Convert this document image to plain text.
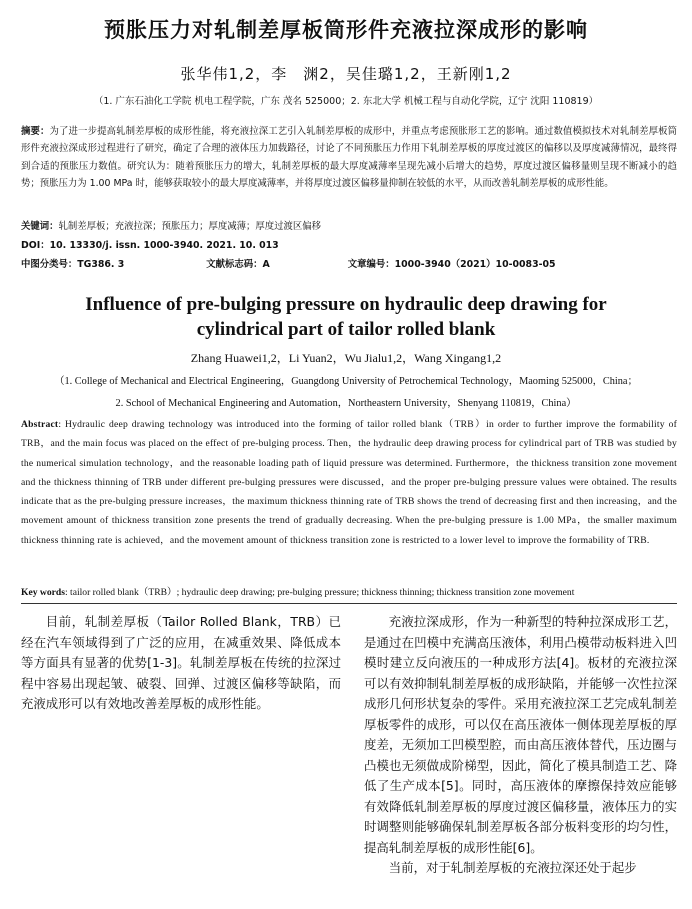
预胀压力对轧制差厚板筒形件充液拉深成形的影响
张华伟1,2，李　渊2，吴佳璐1,2，王新刚1,2
（1. 广东石油化工学院 机电工程学院，广东 茂名 525000；2. 东北大学 机械工程与自动化学院，辽宁 沈阳 110819）
摘要：为了进一步提高轧制差厚板的成形性能，将充液拉深工艺引入轧制差厚板的成形中，并重点考虑预胀形工艺的影响。通过数值模拟技术对轧制差厚板筒形件充液拉深成形过程进行了研究，确定了合理的液体压力加载路径，讨论了不同预胀压力作用下轧制差厚板的厚度过渡区的偏移以及厚度减薄情况，最终得到合适的预胀压力数值。研究认为：随着预胀压力的增大，轧制差厚板的最大厚度减薄率呈现先减小后增大的趋势，厚度过渡区偏移量则呈现不断减小的趋势；预胀压力为 1.00 MPa 时，能够获取较小的最大厚度减薄率，并将厚度过渡区偏移量抑制在较低的水平，从而改善轧制差厚板的成形性能。
关键词：轧制差厚板；充液拉深；预胀压力；厚度减薄；厚度过渡区偏移
DOI：10. 13330/j. issn. 1000-3940. 2021. 10. 013
中图分类号：TG386. 3	文献标志码：A	文章编号：1000-3940（2021）10-0083-05
Influence of pre-bulging pressure on hydraulic deep drawing for
cylindrical part of tailor rolled blank
Zhang Huawei1,2，Li Yuan2，Wu Jialu1,2，Wang Xingang1,2
（1. College of Mechanical and Electrical Engineering，Guangdong University of Petrochemical Technology，Maoming 525000，China；
2. School of Mechanical Engineering and Automation，Northeastern University，Shenyang 110819，China）
Abstract: Hydraulic deep drawing technology was introduced into the forming of tailor rolled blank（TRB）in order to further improve the formability of TRB，and the main focus was placed on the effect of pre-bulging process. Then，the hydraulic deep drawing process for cylindrical part of TRB was studied by the numerical simulation technology，and the reasonable loading path of liquid pressure was determined. Furthermore，the thickness transition zone movement and the thickness thinning of TRB under different pre-bulging pressures were discussed，and the proper pre-bulging pressure values were obtained. The results indicate that as the pre-bulging pressure increases，the maximum thickness thinning rate of TRB shows the trend of decreasing first and then increasing，and the movement amount of thickness transition zone presents the trend of gradually decreasing. When the pre-bulging pressure is 1.00 MPa，the smaller maximum thickness thinning rate is achieved，and the movement amount of thickness transition zone is restricted to a lower level to improve the formability of TRB.
Key words: tailor rolled blank（TRB）; hydraulic deep drawing; pre-bulging pressure; thickness thinning; thickness transition zone movement

目前，轧制差厚板（Tailor Rolled Blank，TRB）已经在汽车领域得到了广泛的应用，在减重效果、降低成本等方面具有显著的优势[1-3]。轧制差厚板在传统的拉深过程中容易出现起皱、破裂、回弹、过渡区偏移等缺陷，而充液成形可以有效地改善差厚板的成形性能。

充液拉深成形，作为一种新型的特种拉深成形工艺，是通过在凹模中充满高压液体，利用凸模带动板料进入凹模时建立反向液压的一种成形方法[4]。板材的充液拉深可以有效抑制轧制差厚板的成形缺陷，并能够一次性拉深成形几何形状复杂的零件。采用充液拉深工艺完成轧制差厚板零件的成形，可以仅在高压液体一侧体现差厚板的厚度差，无须加工凹模型腔，而由高压液体替代，压边圈与凸模也无须做成阶梯型，因此，简化了模具制造工艺、降低了生产成本[5]。同时，高压液体的摩擦保持效应能够有效降低轧制差厚板的厚度过渡区偏移量，液体压力的实时调整则能够确保轧制差厚板各部分板料变形的均匀性，提高轧制差厚板的成形性能[6]。

当前，对于轧制差厚板的充液拉深还处于起步
